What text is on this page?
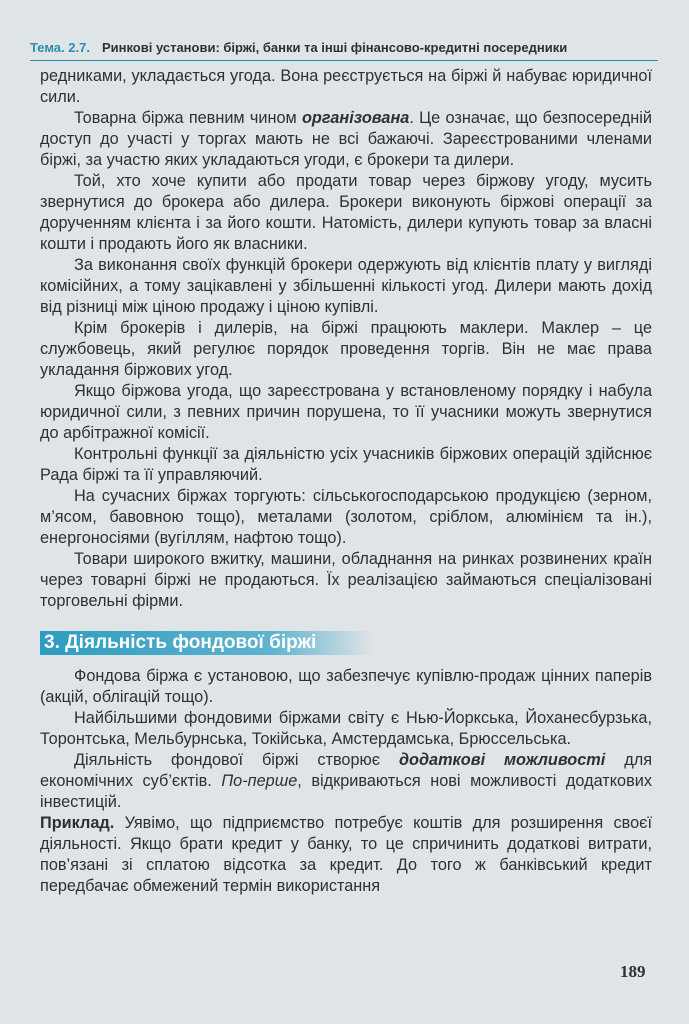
Тема. 2.7. Ринкові установи: біржі, банки та інші фінансово-кредитні посередники

редниками, укладається угода. Вона реєструється на біржі й набуває юридичної сили.

Товарна біржа певним чином організована. Це означає, що безпосередній доступ до участі у торгах мають не всі бажаючі. Зареєстрованими членами біржі, за участю яких укладаються угоди, є брокери та дилери.

Той, хто хоче купити або продати товар через біржову угоду, мусить звернутися до брокера або дилера. Брокери виконують біржові операції за дорученням клієнта і за його кошти. Натомість, дилери купують товар за власні кошти і продають його як власники.

За виконання своїх функцій брокери одержують від клієнтів плату у вигляді комісійних, а тому зацікавлені у збільшенні кількості угод. Дилери мають дохід від різниці між ціною продажу і ціною купівлі.

Крім брокерів і дилерів, на біржі працюють маклери. Маклер – це службовець, який регулює порядок проведення торгів. Він не має права укладання біржових угод.

Якщо біржова угода, що зареєстрована у встановленому порядку і набула юридичної сили, з певних причин порушена, то її учасники можуть звернутися до арбітражної комісії.

Контрольні функції за діяльністю усіх учасників біржових операцій здійснює Рада біржі та її управляючий.

На сучасних біржах торгують: сільськогосподарською продукцією (зерном, м’ясом, бавовною тощо), металами (золотом, сріблом, алюмінієм та ін.), енергоносіями (вугіллям, нафтою тощо).

Товари широкого вжитку, машини, обладнання на ринках розвинених країн через товарні біржі не продаються. Їх реалізацією займаються спеціалізовані торговельні фірми.

3. Діяльність фондової біржі

Фондова біржа є установою, що забезпечує купівлю-продаж цінних паперів (акцій, облігацій тощо).

Найбільшими фондовими біржами світу є Нью-Йоркська, Йоханесбурзька, Торонтська, Мельбурнська, Токійська, Амстердамська, Брюссельська.

Діяльність фондової біржі створює додаткові можливості для економічних суб’єктів. По-перше, відкриваються нові можливості додаткових інвестицій.

Приклад. Уявімо, що підприємство потребує коштів для розширення своєї діяльності. Якщо брати кредит у банку, то це спричинить додаткові витрати, пов’язані зі сплатою відсотка за кредит. До того ж банківський кредит передбачає обмежений термін використання

189
